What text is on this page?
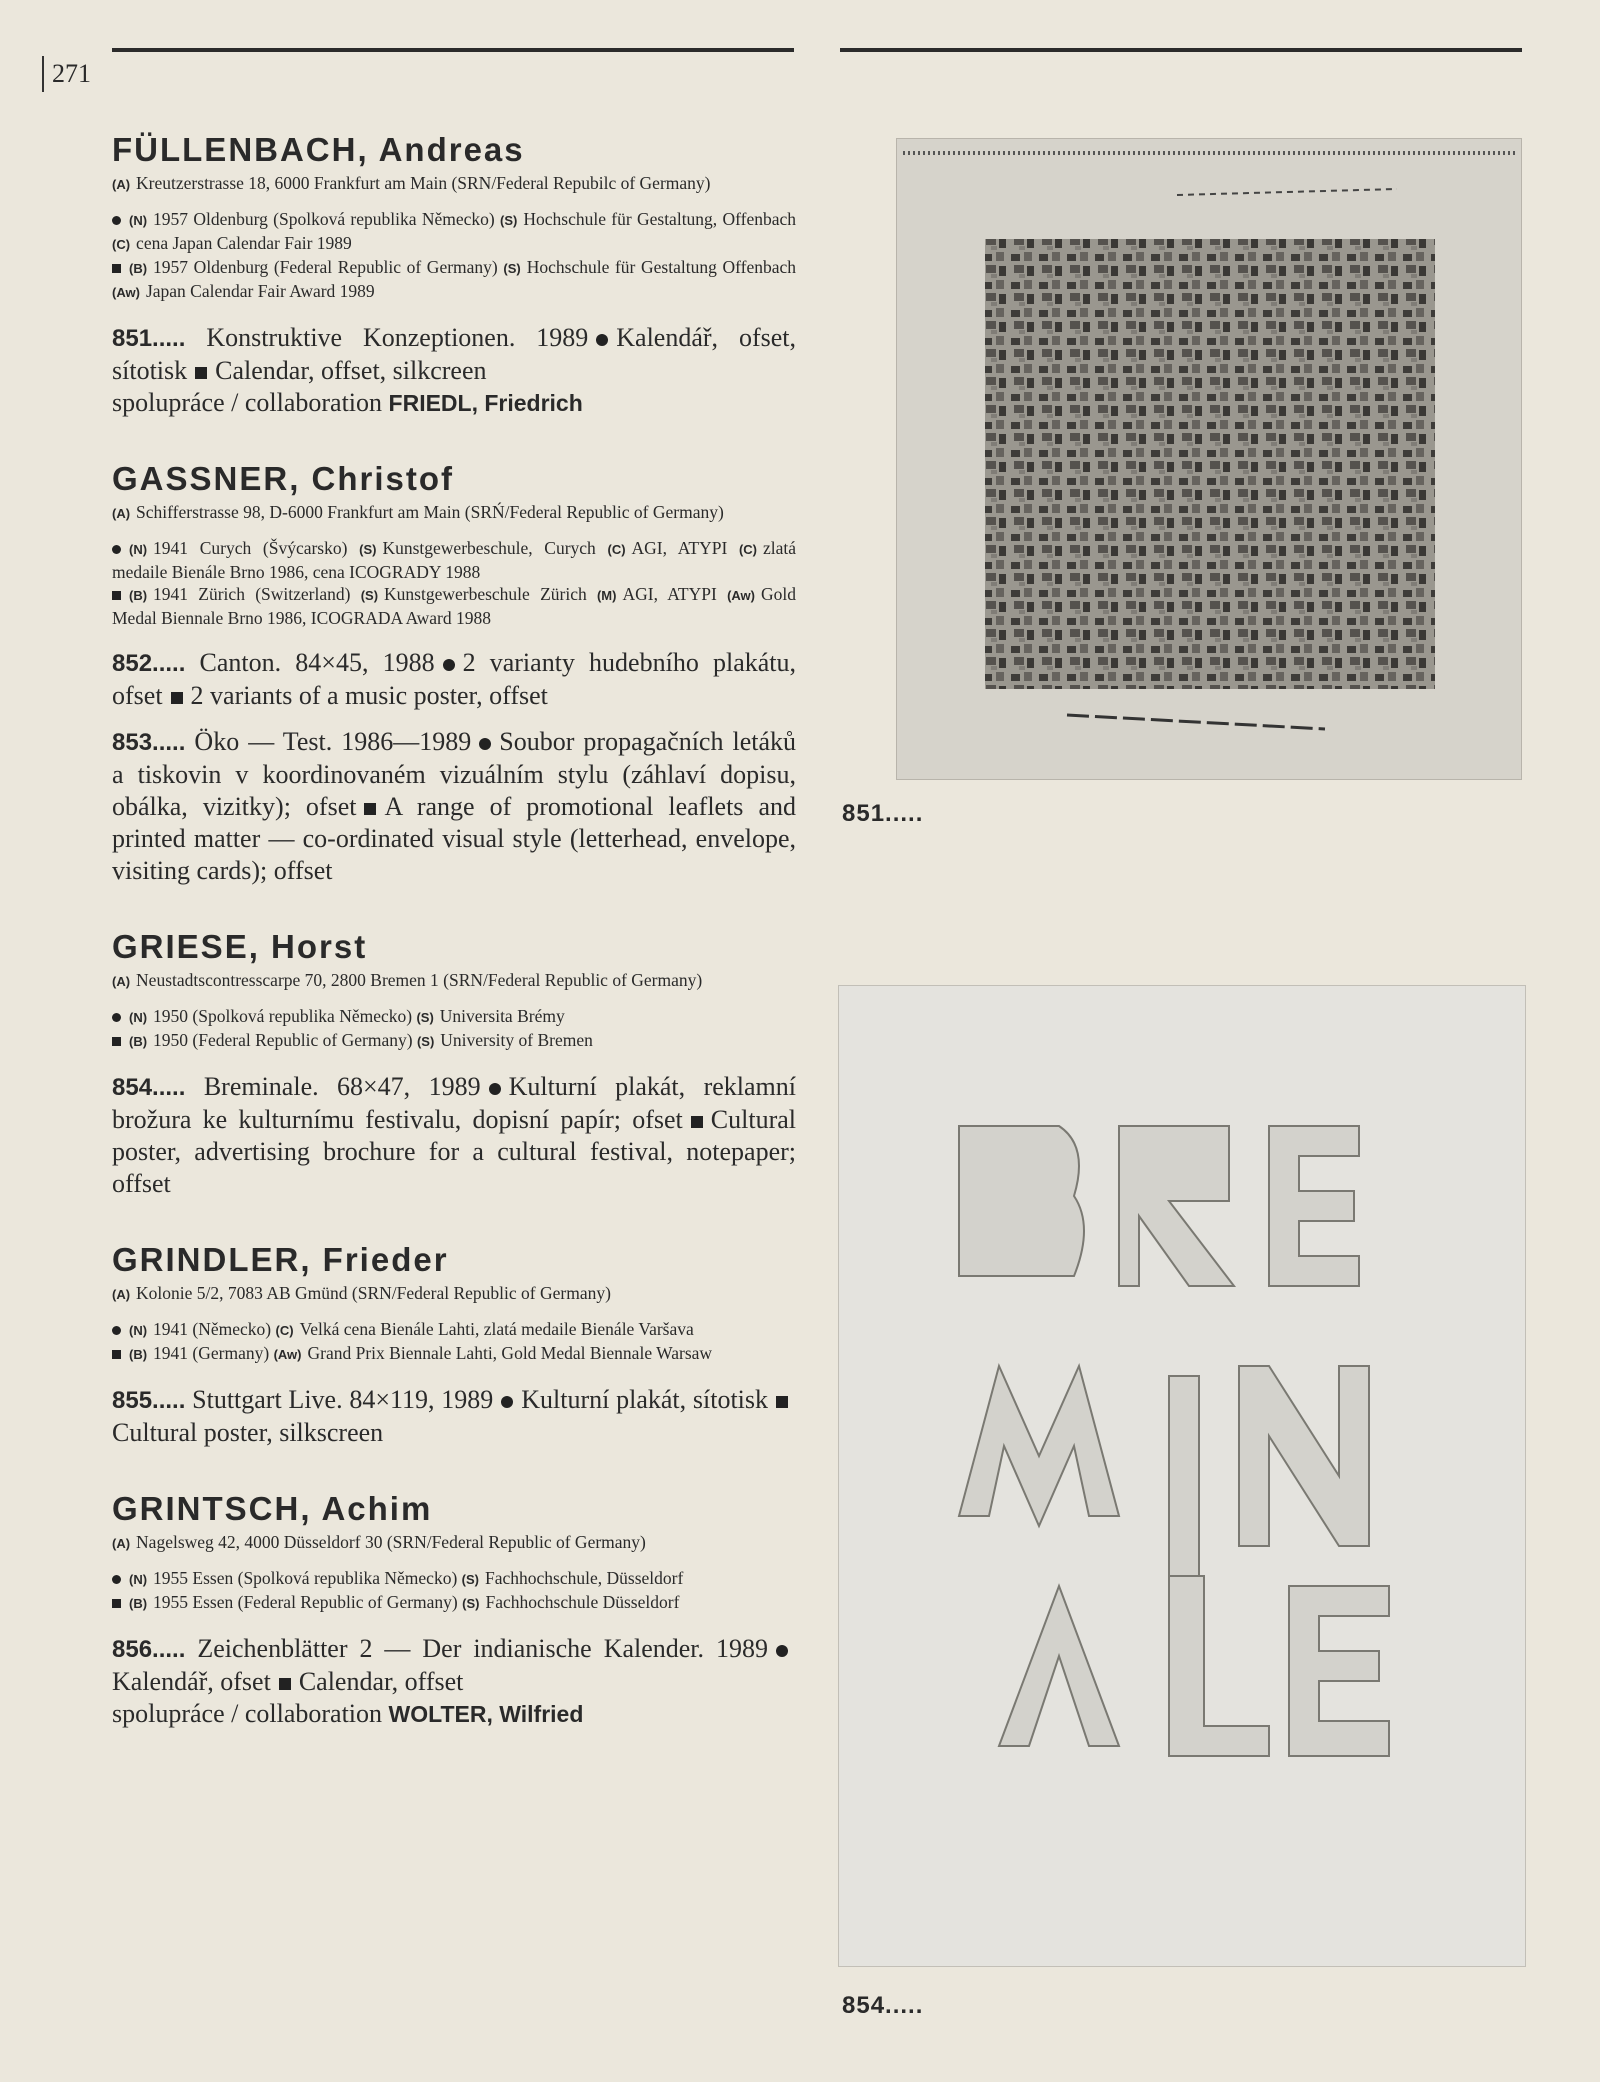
271
FÜLLENBACH, Andreas

(A) Kreutzerstrasse 18, 6000 Frankfurt am Main (SRN/Federal Repubilc of Germany)

(N) 1957 Oldenburg (Spolková republika Německo) (S) Hochschule für Gestaltung, Offenbach (C) cena Japan Calendar Fair 1989

(B) 1957 Oldenburg (Federal Republic of Germany) (S) Hochschule für Gestaltung Offenbach (Aw) Japan Calendar Fair Award 1989

851..... Konstruktive Konzeptionen. 1989 Kalendář, ofset, sítotisk Calendar, offset, silkcreen
spolupráce / collaboration FRIEDL, Friedrich

GASSNER, Christof

(A) Schifferstrasse 98, D-6000 Frankfurt am Main (SRŃ/Federal Republic of Germany)

(N) 1941 Curych (Švýcarsko) (S) Kunstgewerbeschule, Curych (C) AGI, ATYPI (C) zlatá medaile Bienále Brno 1986, cena ICOGRADY 1988

(B) 1941 Zürich (Switzerland) (S) Kunstgewerbeschule Zürich (M) AGI, ATYPI (Aw) Gold Medal Biennale Brno 1986, ICOGRADA Award 1988

852..... Canton. 84×45, 1988 2 varianty hudebního plakátu, ofset 2 variants of a music poster, offset

853..... Öko — Test. 1986—1989 Soubor propagačních letáků a tiskovin v koordinovaném vizuálním stylu (záhlaví dopisu, obálka, vizitky); ofset A range of promotional leaflets and printed matter — co-ordinated visual style (letterhead, envelope, visiting cards); offset

GRIESE, Horst

(A) Neustadtscontresscarpe 70, 2800 Bremen 1 (SRN/Federal Republic of Germany)

(N) 1950 (Spolková republika Německo) (S) Universita Brémy

(B) 1950 (Federal Republic of Germany) (S) University of Bremen

854..... Breminale. 68×47, 1989 Kulturní plakát, reklamní brožura ke kulturnímu festivalu, dopisní papír; ofset Cultural poster, advertising brochure for a cultural festival, notepaper; offset

GRINDLER, Frieder

(A) Kolonie 5/2, 7083 AB Gmünd (SRN/Federal Republic of Germany)

(N) 1941 (Německo) (C) Velká cena Bienále Lahti, zlatá medaile Bienále Varšava

(B) 1941 (Germany) (Aw) Grand Prix Biennale Lahti, Gold Medal Biennale Warsaw

855..... Stuttgart Live. 84×119, 1989 Kulturní plakát, sítotiskCultural poster, silkscreen

GRINTSCH, Achim

(A) Nagelsweg 42, 4000 Düsseldorf 30 (SRN/Federal Republic of Germany)

(N) 1955 Essen (Spolková republika Německo) (S) Fachhochschule, Düsseldorf

(B) 1955 Essen (Federal Republic of Germany) (S) Fachhochschule Düsseldorf

856..... Zeichenblätter 2 — Der indianische Kalender. 1989Kalendář, ofset Calendar, offset
spolupráce / collaboration WOLTER, Wilfried

851.....
854.....
